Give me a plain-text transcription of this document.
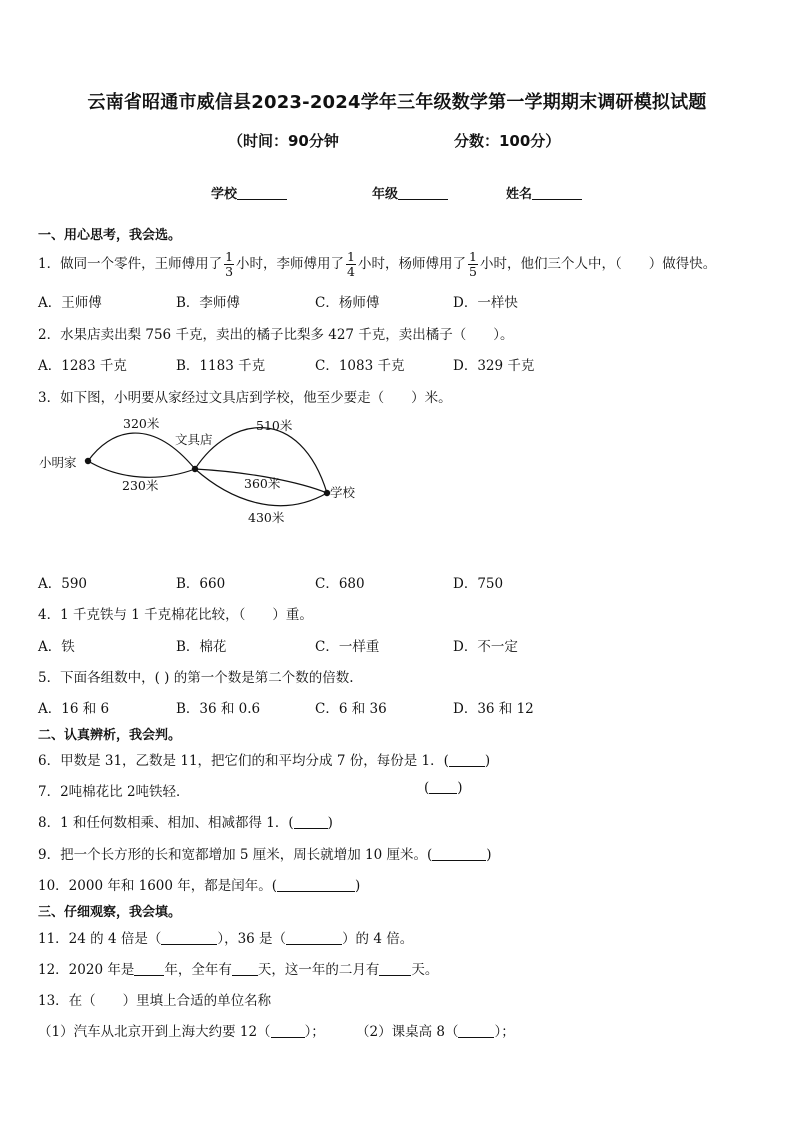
云南省昭通市威信县2023-2024学年三年级数学第一学期期末调研模拟试题
（时间：90分钟	分数：100分）
学校	年级	姓名
一、用心思考，我会选。
1．做同一个零件，王师傅用了 $\frac{1}{3}$ 小时，李师傅用了 $\frac{1}{4}$ 小时，杨师傅用了 $\frac{1}{5}$ 小时，他们三个人中，（　　）做得快。
A．王师傅	B．李师傅	C．杨师傅	D．一样快
2．水果店卖出梨 756 千克，卖出的橘子比梨多 427 千克，卖出橘子（　　）。
A．1283 千克	B．1183 千克	C．1083 千克	D．329 千克
3．如下图，小明要从家经过文具店到学校，他至少要走（　　）米。
小明家
文具店
学校
320米
230米
510米
360米
430米
A．590	B．660	C．680	D．750
4．1 千克铁与 1 千克棉花比较，（　　）重。
A．铁	B．棉花	C．一样重	D．不一定
5．下面各组数中，( ) 的第一个数是第二个数的倍数.
A．16 和 6	B．36 和 0.6	C．6 和 36	D．36 和 12
二、认真辨析，我会判。
6．甲数是 31，乙数是 11，把它们的和平均分成 7 份，每份是 1．(	)
7．2吨棉花比 2吨铁轻．	( )
8．1 和任何数相乘、相加、相减都得 1．(	)
9．把一个长方形的长和宽都增加 5 厘米，周长就增加 10 厘米。(	)
10．2000 年和 1600 年，都是闰年。(	)
三、仔细观察，我会填。
11．24 的 4 倍是（	），36 是（	）的 4 倍。
12．2020 年是 年，全年有 天，这一年的二月有 天。
13．在（　　）里填上合适的单位名称
（1）汽车从北京开到上海大约要 12（	）； （2）课桌高 8（	）；
